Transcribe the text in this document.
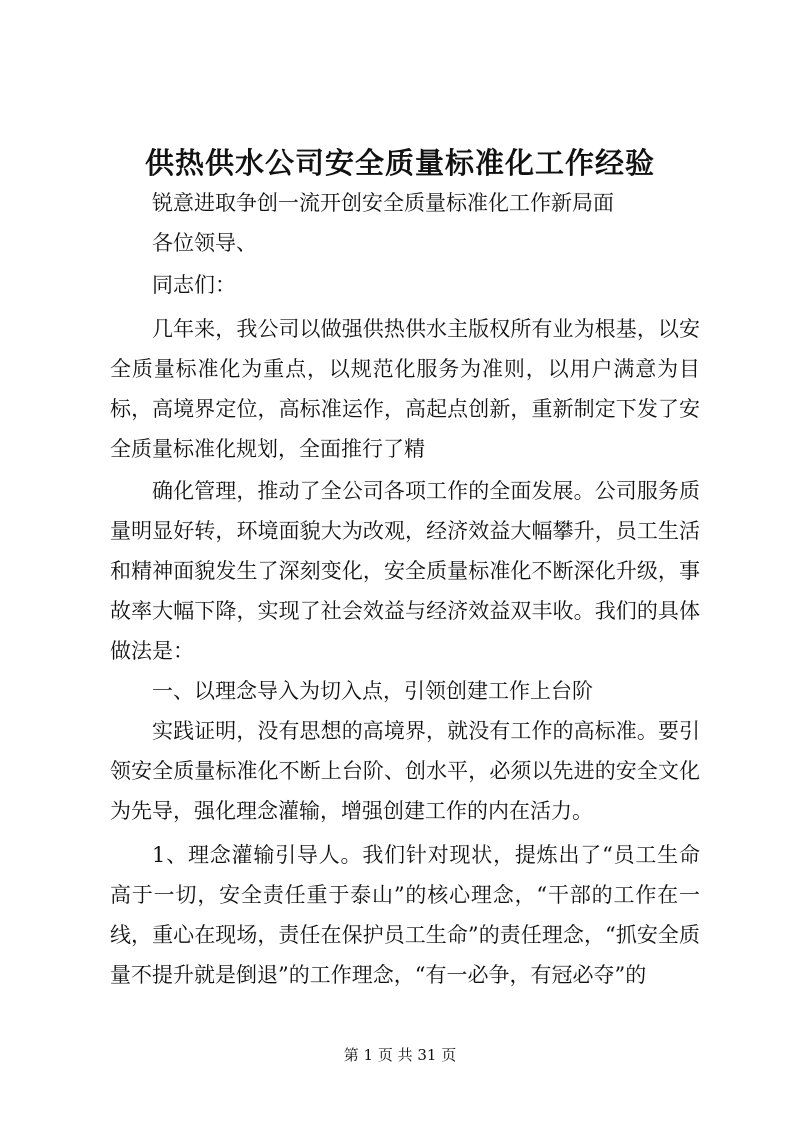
供热供水公司安全质量标准化工作经验
锐意进取争创一流开创安全质量标准化工作新局面
各位领导、
同志们：

几年来，我公司以做强供热供水主版权所有业为根基，以安全质量标准化为重点，以规范化服务为准则，以用户满意为目标，高境界定位，高标准运作，高起点创新，重新制定下发了安全质量标准化规划，全面推行了精

确化管理，推动了全公司各项工作的全面发展。公司服务质量明显好转，环境面貌大为改观，经济效益大幅攀升，员工生活和精神面貌发生了深刻变化，安全质量标准化不断深化升级，事故率大幅下降，实现了社会效益与经济效益双丰收。我们的具体做法是：

一、以理念导入为切入点，引领创建工作上台阶

实践证明，没有思想的高境界，就没有工作的高标准。要引领安全质量标准化不断上台阶、创水平，必须以先进的安全文化为先导，强化理念灌输，增强创建工作的内在活力。

1、理念灌输引导人。我们针对现状，提炼出了“员工生命高于一切，安全责任重于泰山”的核心理念，“干部的工作在一线，重心在现场，责任在保护员工生命”的责任理念，“抓安全质量不提升就是倒退”的工作理念，“有一必争，有冠必夺”的

第 1 页 共 31 页
